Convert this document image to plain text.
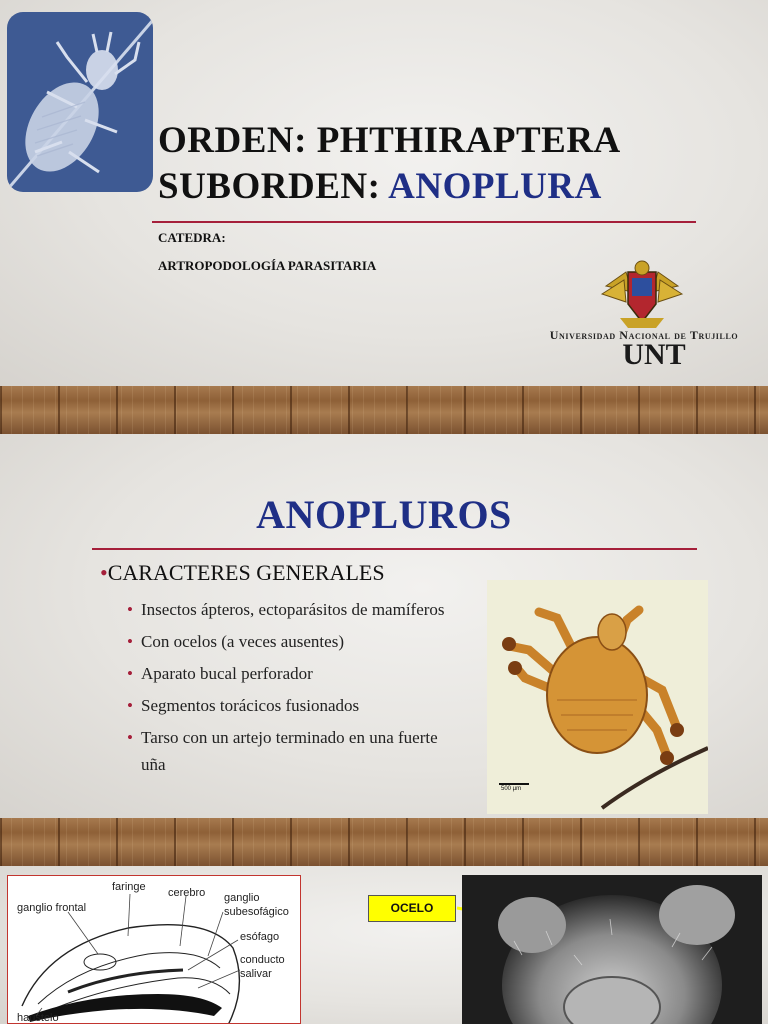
ORDEN: PHTHIRAPTERA
SUBORDEN: ANOPLURA
CATEDRA:
ARTROPODOLOGÍA PARASITARIA
Universidad Nacional de Trujillo
UNT
ANOPLUROS
•CARACTERES GENERALES
• Insectos ápteros, ectoparásitos de mamíferos
• Con ocelos (a veces ausentes)
• Aparato bucal perforador
• Segmentos torácicos fusionados
• Tarso con un artejo terminado en una fuerte uña
500 µm
ganglio frontal
faringe cerebro ganglio
subesofágico
esófago
conducto
salivar
haustelo
OCELO
